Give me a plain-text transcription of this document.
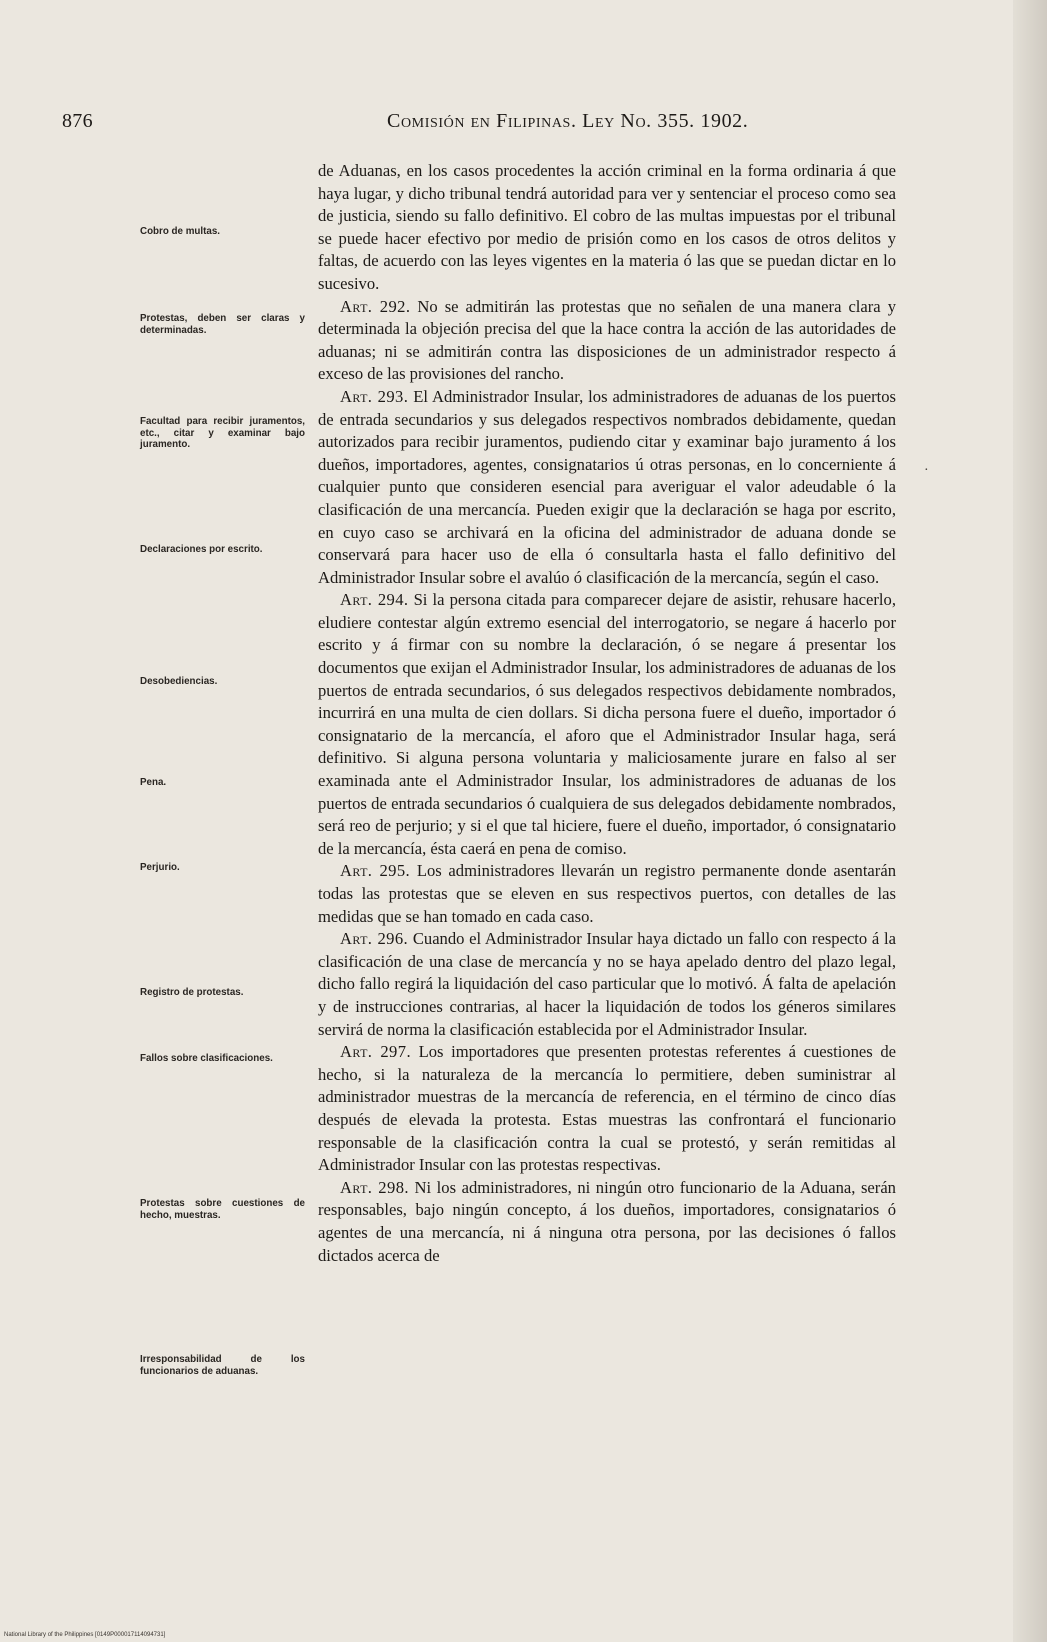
876	Comisión en Filipinas. Ley No. 355. 1902.
Cobro de multas.
Protestas, deben ser claras y determinadas.
Facultad para recibir juramentos, etc., citar y examinar bajo juramento.
Declaraciones por escrito.
Desobediencias.
Pena.
Perjurio.
Registro de protestas.
Fallos sobre clasificaciones.
Protestas sobre cuestiones de hecho, muestras.
Irresponsabilidad de los funcionarios de aduanas.

de Aduanas, en los casos procedentes la acción criminal en la forma ordinaria á que haya lugar, y dicho tribunal tendrá autoridad para ver y sentenciar el proceso como sea de justicia, siendo su fallo definitivo. El cobro de las multas impuestas por el tribunal se puede hacer efectivo por medio de prisión como en los casos de otros delitos y faltas, de acuerdo con las leyes vigentes en la materia ó las que se puedan dictar en lo sucesivo.

Art. 292. No se admitirán las protestas que no señalen de una manera clara y determinada la objeción precisa del que la hace contra la acción de las autoridades de aduanas; ni se admitirán contra las disposiciones de un administrador respecto á exceso de las provisiones del rancho.

Art. 293. El Administrador Insular, los administradores de aduanas de los puertos de entrada secundarios y sus delegados respectivos nombrados debidamente, quedan autorizados para recibir juramentos, pudiendo citar y examinar bajo juramento á los dueños, importadores, agentes, consignatarios ú otras personas, en lo concerniente á cualquier punto que consideren esencial para averiguar el valor adeudable ó la clasificación de una mercancía. Pueden exigir que la declaración se haga por escrito, en cuyo caso se archivará en la oficina del administrador de aduana donde se conservará para hacer uso de ella ó consultarla hasta el fallo definitivo del Administrador Insular sobre el avalúo ó clasificación de la mercancía, según el caso.

Art. 294. Si la persona citada para comparecer dejare de asistir, rehusare hacerlo, eludiere contestar algún extremo esencial del interrogatorio, se negare á hacerlo por escrito y á firmar con su nombre la declaración, ó se negare á presentar los documentos que exijan el Administrador Insular, los administradores de aduanas de los puertos de entrada secundarios, ó sus delegados respectivos debidamente nombrados, incurrirá en una multa de cien dollars. Si dicha persona fuere el dueño, importador ó consignatario de la mercancía, el aforo que el Administrador Insular haga, será definitivo. Si alguna persona voluntaria y maliciosamente jurare en falso al ser examinada ante el Administrador Insular, los administradores de aduanas de los puertos de entrada secundarios ó cualquiera de sus delegados debidamente nombrados, será reo de perjurio; y si el que tal hiciere, fuere el dueño, importador, ó consignatario de la mercancía, ésta caerá en pena de comiso.

Art. 295. Los administradores llevarán un registro permanente donde asentarán todas las protestas que se eleven en sus respectivos puertos, con detalles de las medidas que se han tomado en cada caso.

Art. 296. Cuando el Administrador Insular haya dictado un fallo con respecto á la clasificación de una clase de mercancía y no se haya apelado dentro del plazo legal, dicho fallo regirá la liquidación del caso particular que lo motivó. Á falta de apelación y de instrucciones contrarias, al hacer la liquidación de todos los géneros similares servirá de norma la clasificación establecida por el Administrador Insular.

Art. 297. Los importadores que presenten protestas referentes á cuestiones de hecho, si la naturaleza de la mercancía lo permitiere, deben suministrar al administrador muestras de la mercancía de referencia, en el término de cinco días después de elevada la protesta. Estas muestras las confrontará el funcionario responsable de la clasificación contra la cual se protestó, y serán remitidas al Administrador Insular con las protestas respectivas.

Art. 298. Ni los administradores, ni ningún otro funcionario de la Aduana, serán responsables, bajo ningún concepto, á los dueños, importadores, consignatarios ó agentes de una mercancía, ni á ninguna otra persona, por las decisiones ó fallos dictados acerca de

·
National Library of the Philippines [0149P000017114094731]
